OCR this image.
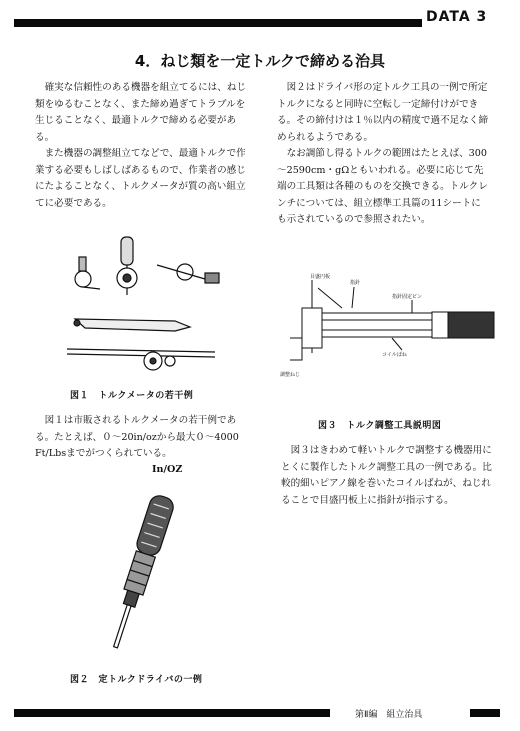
DATA 3
4．ねじ類を一定トルクで締める治具

確実な信頼性のある機器を組立てるには、ねじ類をゆるむことなく、また締め過ぎてトラブルを生じることなく、最適トルクで締める必要がある。

また機器の調整組立てなどで、最適トルクで作業する必要もしばしばあるもので、作業者の感じにたよることなく、トルクメータが質の高い組立てに必要である。

図２はドライバ形の定トルク工具の一例で所定トルクになると同時に空転し一定締付けができる。その締付けは１％以内の精度で過不足なく締められるようである。

なお調節し得るトルクの範囲はたとえば、300～2590cm・gΩともいわれる。必要に応じて先端の工具類は各種のものを交換できる。トルクレンチについては、組立標準工具篇の11シートにも示されているので参照されたい。

図１　トルクメータの若干例

図１は市販されるトルクメータの若干例である。たとえば、０～20in/ozから最大０～4000 Ft/Lbsまでがつくられている。

In/OZ
目盛円板
指針
指針固定ピン
コイルばね
調整ねじ
図３　トルク調整工具説明図

図３はきわめて軽いトルクで調整する機器用にとくに製作したトルク調整工具の一例である。比較的細いピアノ線を巻いたコイルばねが、ねじれることで目盛円板上に指針が指示する。

図２　定トルクドライバの一例
第Ⅱ編　組立治具
